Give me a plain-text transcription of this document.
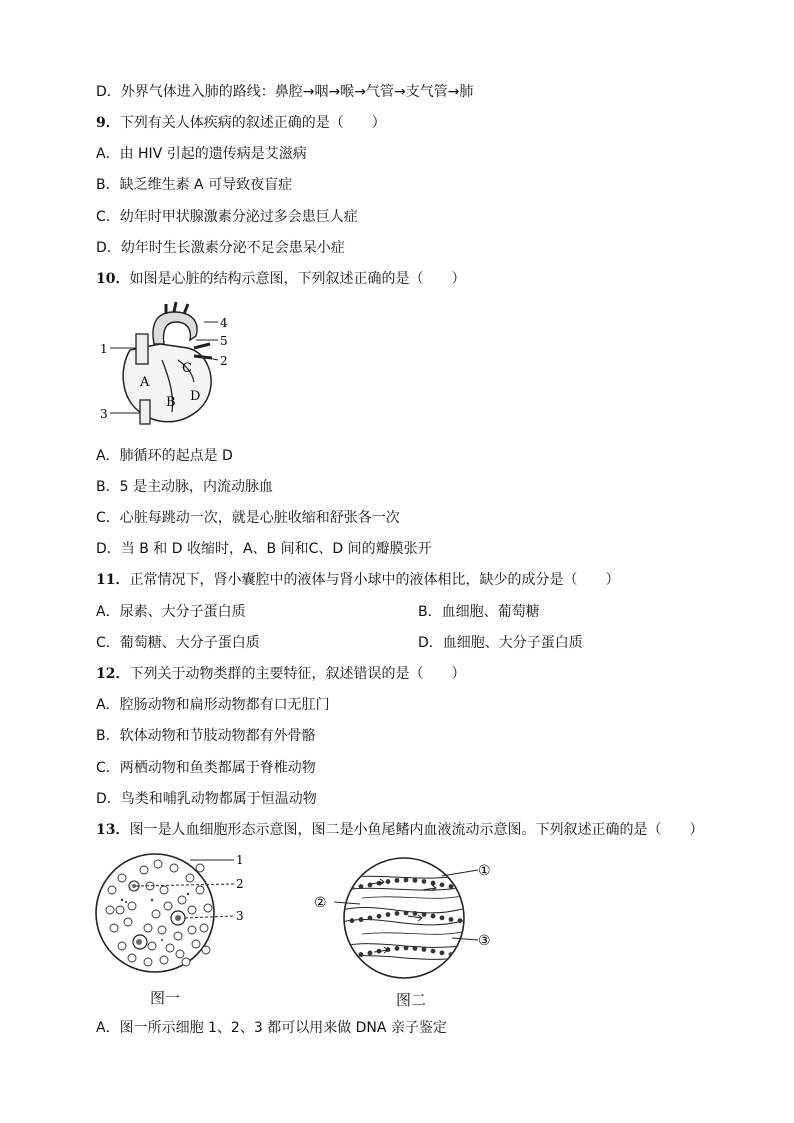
D．外界气体进入肺的路线：鼻腔→咽→喉→气管→支气管→肺
9．下列有关人体疾病的叙述正确的是（　　）
A．由 HIV 引起的遗传病是艾滋病
B．缺乏维生素 A 可导致夜盲症
C．幼年时甲状腺激素分泌过多会患巨人症
D．幼年时生长激素分泌不足会患呆小症
10．如图是心脏的结构示意图，下列叙述正确的是（　　）
4
5
2
1
3
A
B
C
D
A．肺循环的起点是 D
B．5 是主动脉，内流动脉血
C．心脏每跳动一次，就是心脏收缩和舒张各一次
D．当 B 和 D 收缩时，A、B 间和C、D 间的瓣膜张开
11．正常情况下，肾小囊腔中的液体与肾小球中的液体相比，缺少的成分是（　　）
A．尿素、大分子蛋白质	B．血细胞、葡萄糖
C．葡萄糖、大分子蛋白质	D．血细胞、大分子蛋白质
12．下列关于动物类群的主要特征，叙述错误的是（　　）
A．腔肠动物和扁形动物都有口无肛门
B．软体动物和节肢动物都有外骨骼
C．两栖动物和鱼类都属于脊椎动物
D．鸟类和哺乳动物都属于恒温动物
13．图一是人血细胞形态示意图，图二是小鱼尾鳍内血液流动示意图。下列叙述正确的是（　　）
1
2
3
图一
①
②
③
图二
A．图一所示细胞 1、2、3 都可以用来做 DNA 亲子鉴定
